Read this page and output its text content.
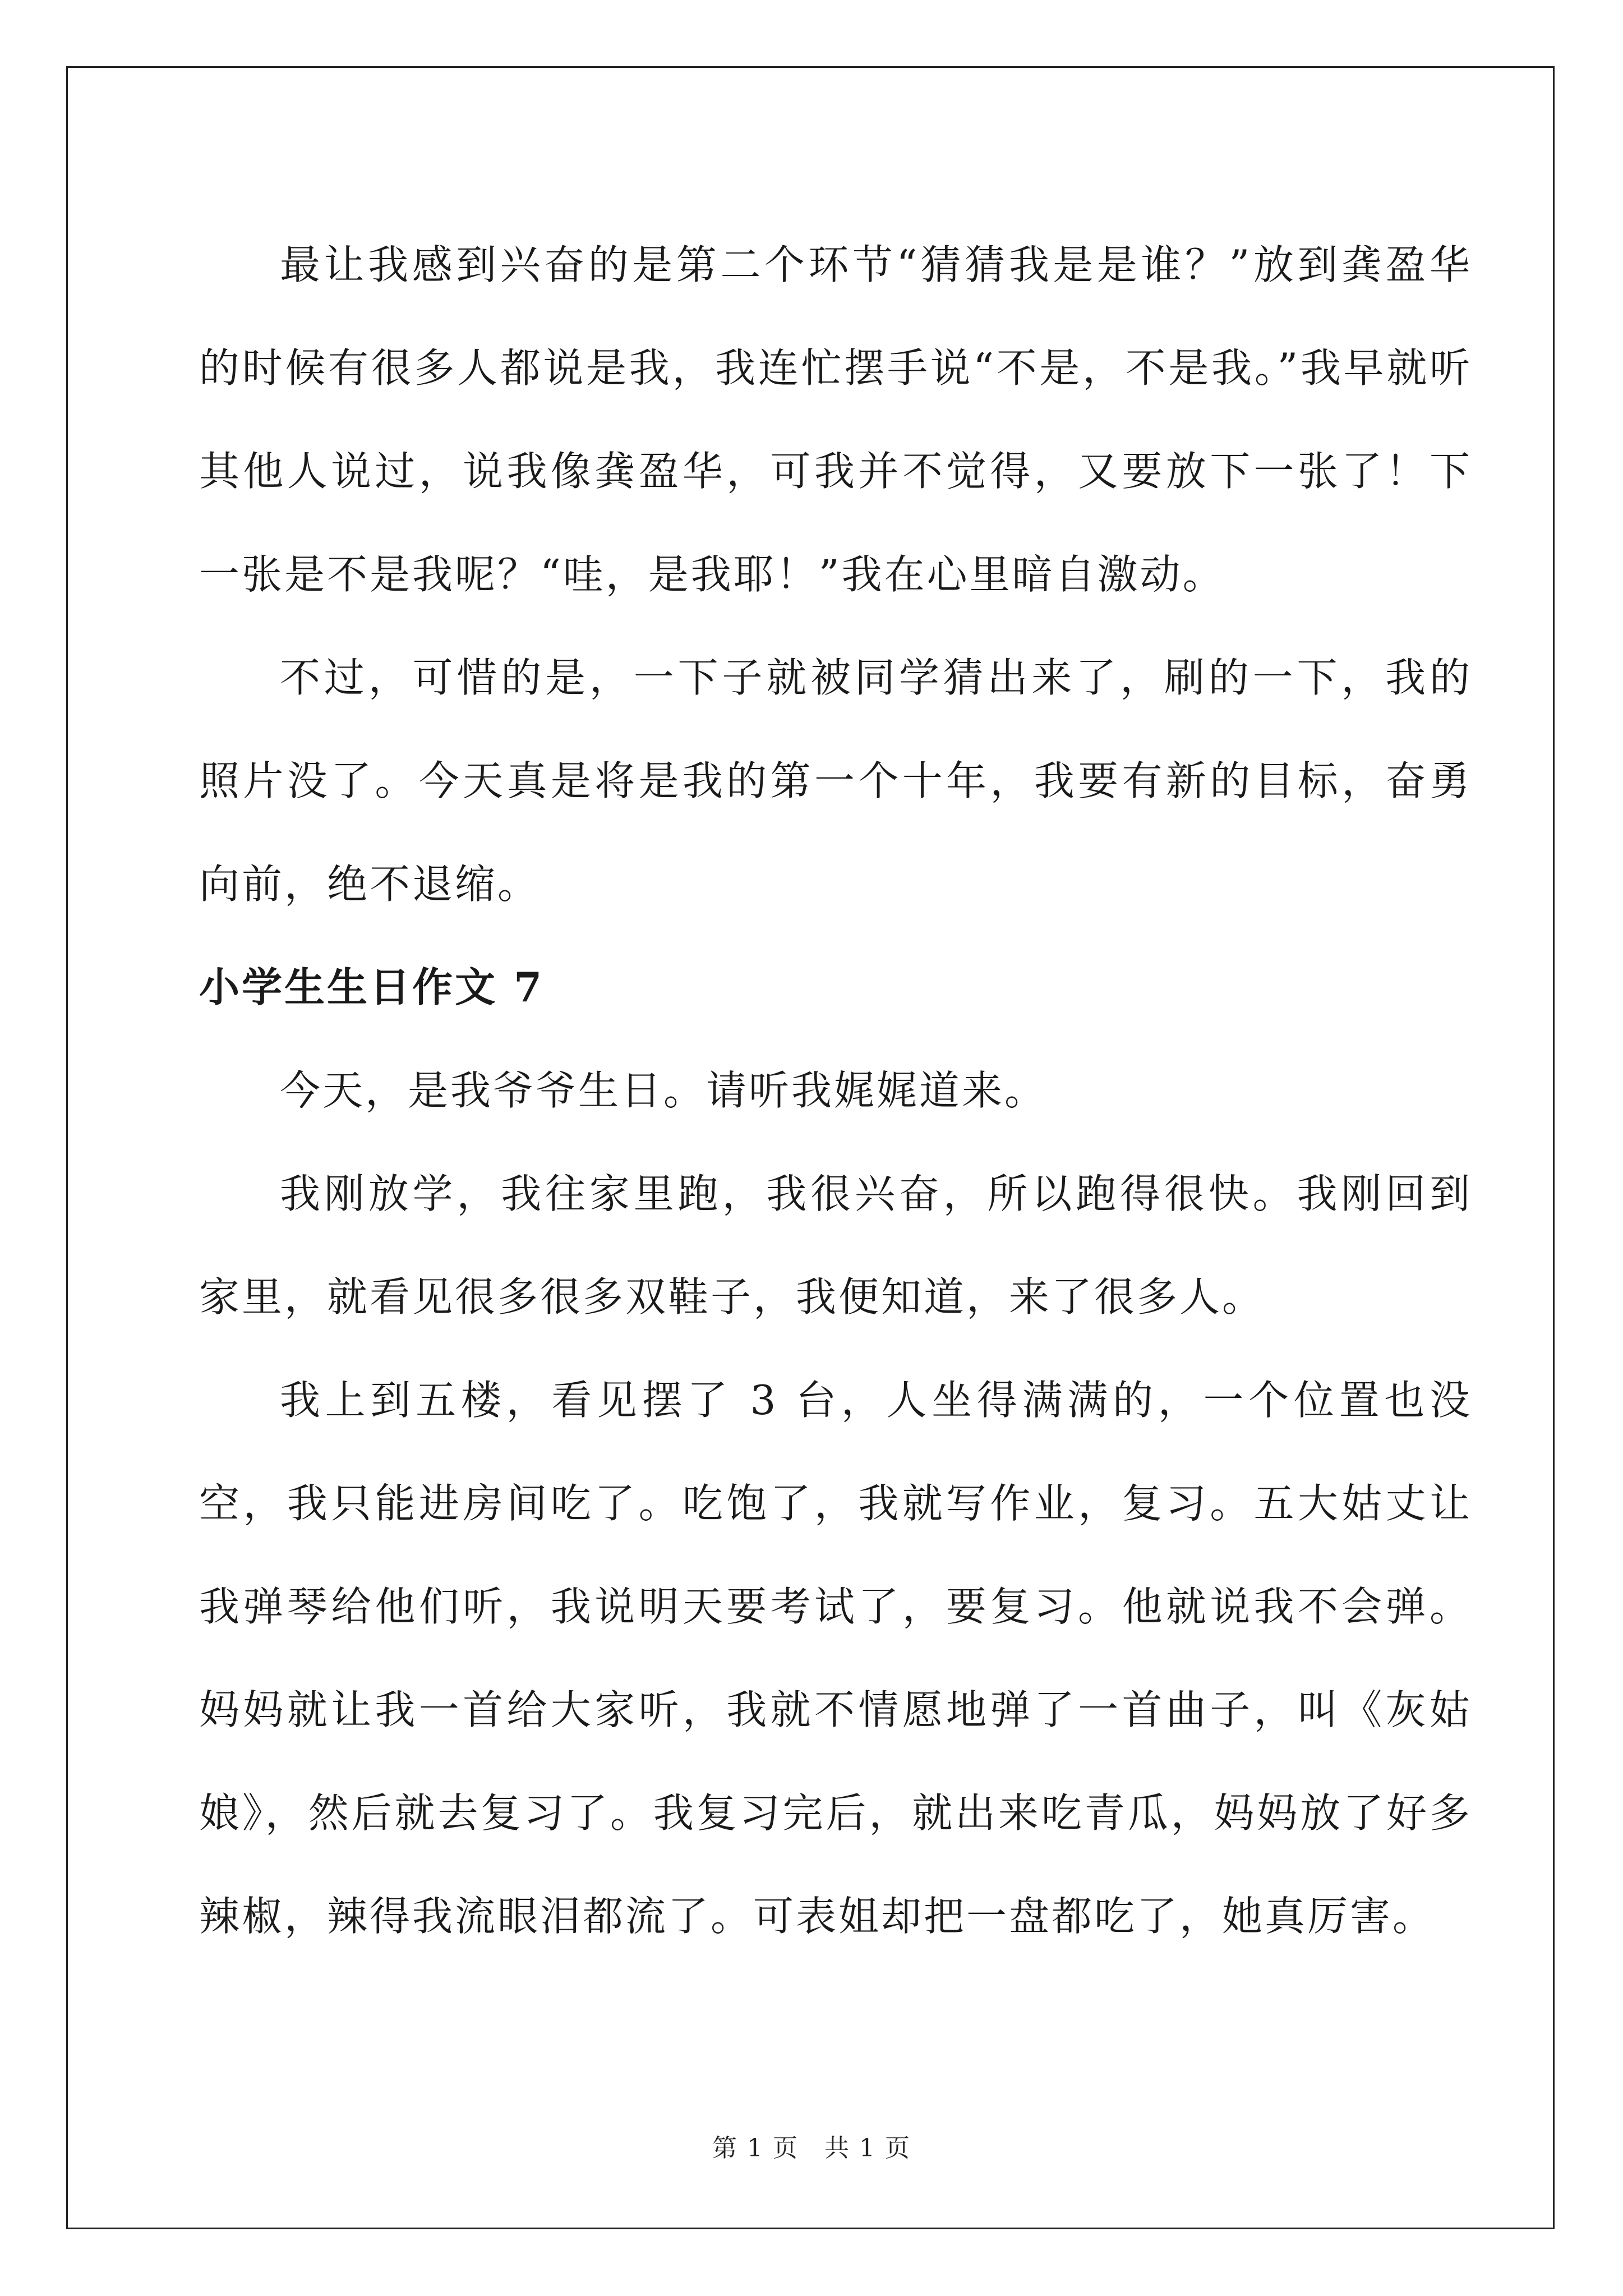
最让我感到兴奋的是第二个环节“猜猜我是是谁？”放到龚盈华的时候有很多人都说是我，我连忙摆手说“不是，不是我。”我早就听其他人说过，说我像龚盈华，可我并不觉得，又要放下一张了！下一张是不是我呢？“哇，是我耶！”我在心里暗自激动。

不过，可惜的是，一下子就被同学猜出来了，刷的一下，我的照片没了。今天真是将是我的第一个十年，我要有新的目标，奋勇向前，绝不退缩。

小学生生日作文 7

今天，是我爷爷生日。请听我娓娓道来。

我刚放学，我往家里跑，我很兴奋，所以跑得很快。我刚回到家里，就看见很多很多双鞋子，我便知道，来了很多人。

我上到五楼，看见摆了 3 台，人坐得满满的，一个位置也没空，我只能进房间吃了。吃饱了，我就写作业，复习。五大姑丈让我弹琴给他们听，我说明天要考试了，要复习。他就说我不会弹。妈妈就让我一首给大家听，我就不情愿地弹了一首曲子，叫《灰姑娘》，然后就去复习了。我复习完后，就出来吃青瓜，妈妈放了好多辣椒，辣得我流眼泪都流了。可表姐却把一盘都吃了，她真厉害。

第 1 页　共 1 页
